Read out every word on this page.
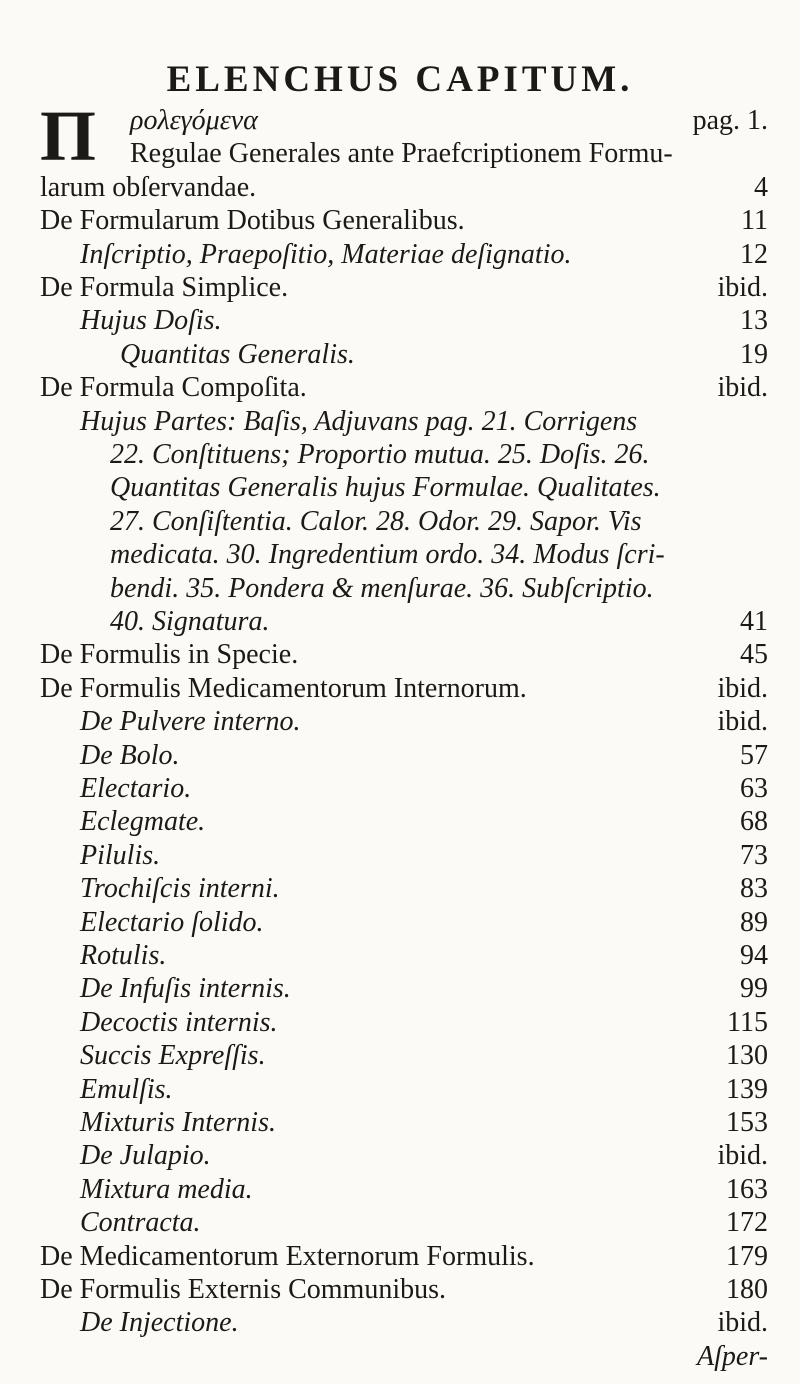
ELENCHUS CAPITUM.
Π ρoλεγόμενα	pag. 1.
Regulae Generales ante Praefcriptionem Formu-
larum obſervandae.	4
De Formularum Dotibus Generalibus.	11
Inſcriptio, Praepoſitio, Materiae deſignatio.	12
De Formula Simplice.	ibid.
Hujus Doſis.	13
Quantitas Generalis.	19
De Formula Compoſita.	ibid.
Hujus Partes: Baſis, Adjuvans pag. 21. Corrigens
22. Conſtituens; Proportio mutua. 25. Doſis. 26.
Quantitas Generalis hujus Formulae. Qualitates.
27. Conſiſtentia. Calor. 28. Odor. 29. Sapor. Vis
medicata. 30. Ingredentium ordo. 34. Modus ſcri-
bendi. 35. Pondera & menſurae. 36. Subſcriptio.
40. Signatura.	41
De Formulis in Specie.	45
De Formulis Medicamentorum Internorum.	ibid.
De Pulvere interno.	ibid.
De Bolo.	57
Electario.	63
Eclegmate.	68
Pilulis.	73
Trochiſcis interni.	83
Electario ſolido.	89
Rotulis.	94
De Infuſis internis.	99
Decoctis internis.	115
Succis Expreſſis.	130
Emulſis.	139
Mixturis Internis.	153
De Julapio.	ibid.
Mixtura media.	163
Contracta.	172
De Medicamentorum Externorum Formulis.	179
De Formulis Externis Communibus.	180
De Injectione.	ibid.
Aſper-
